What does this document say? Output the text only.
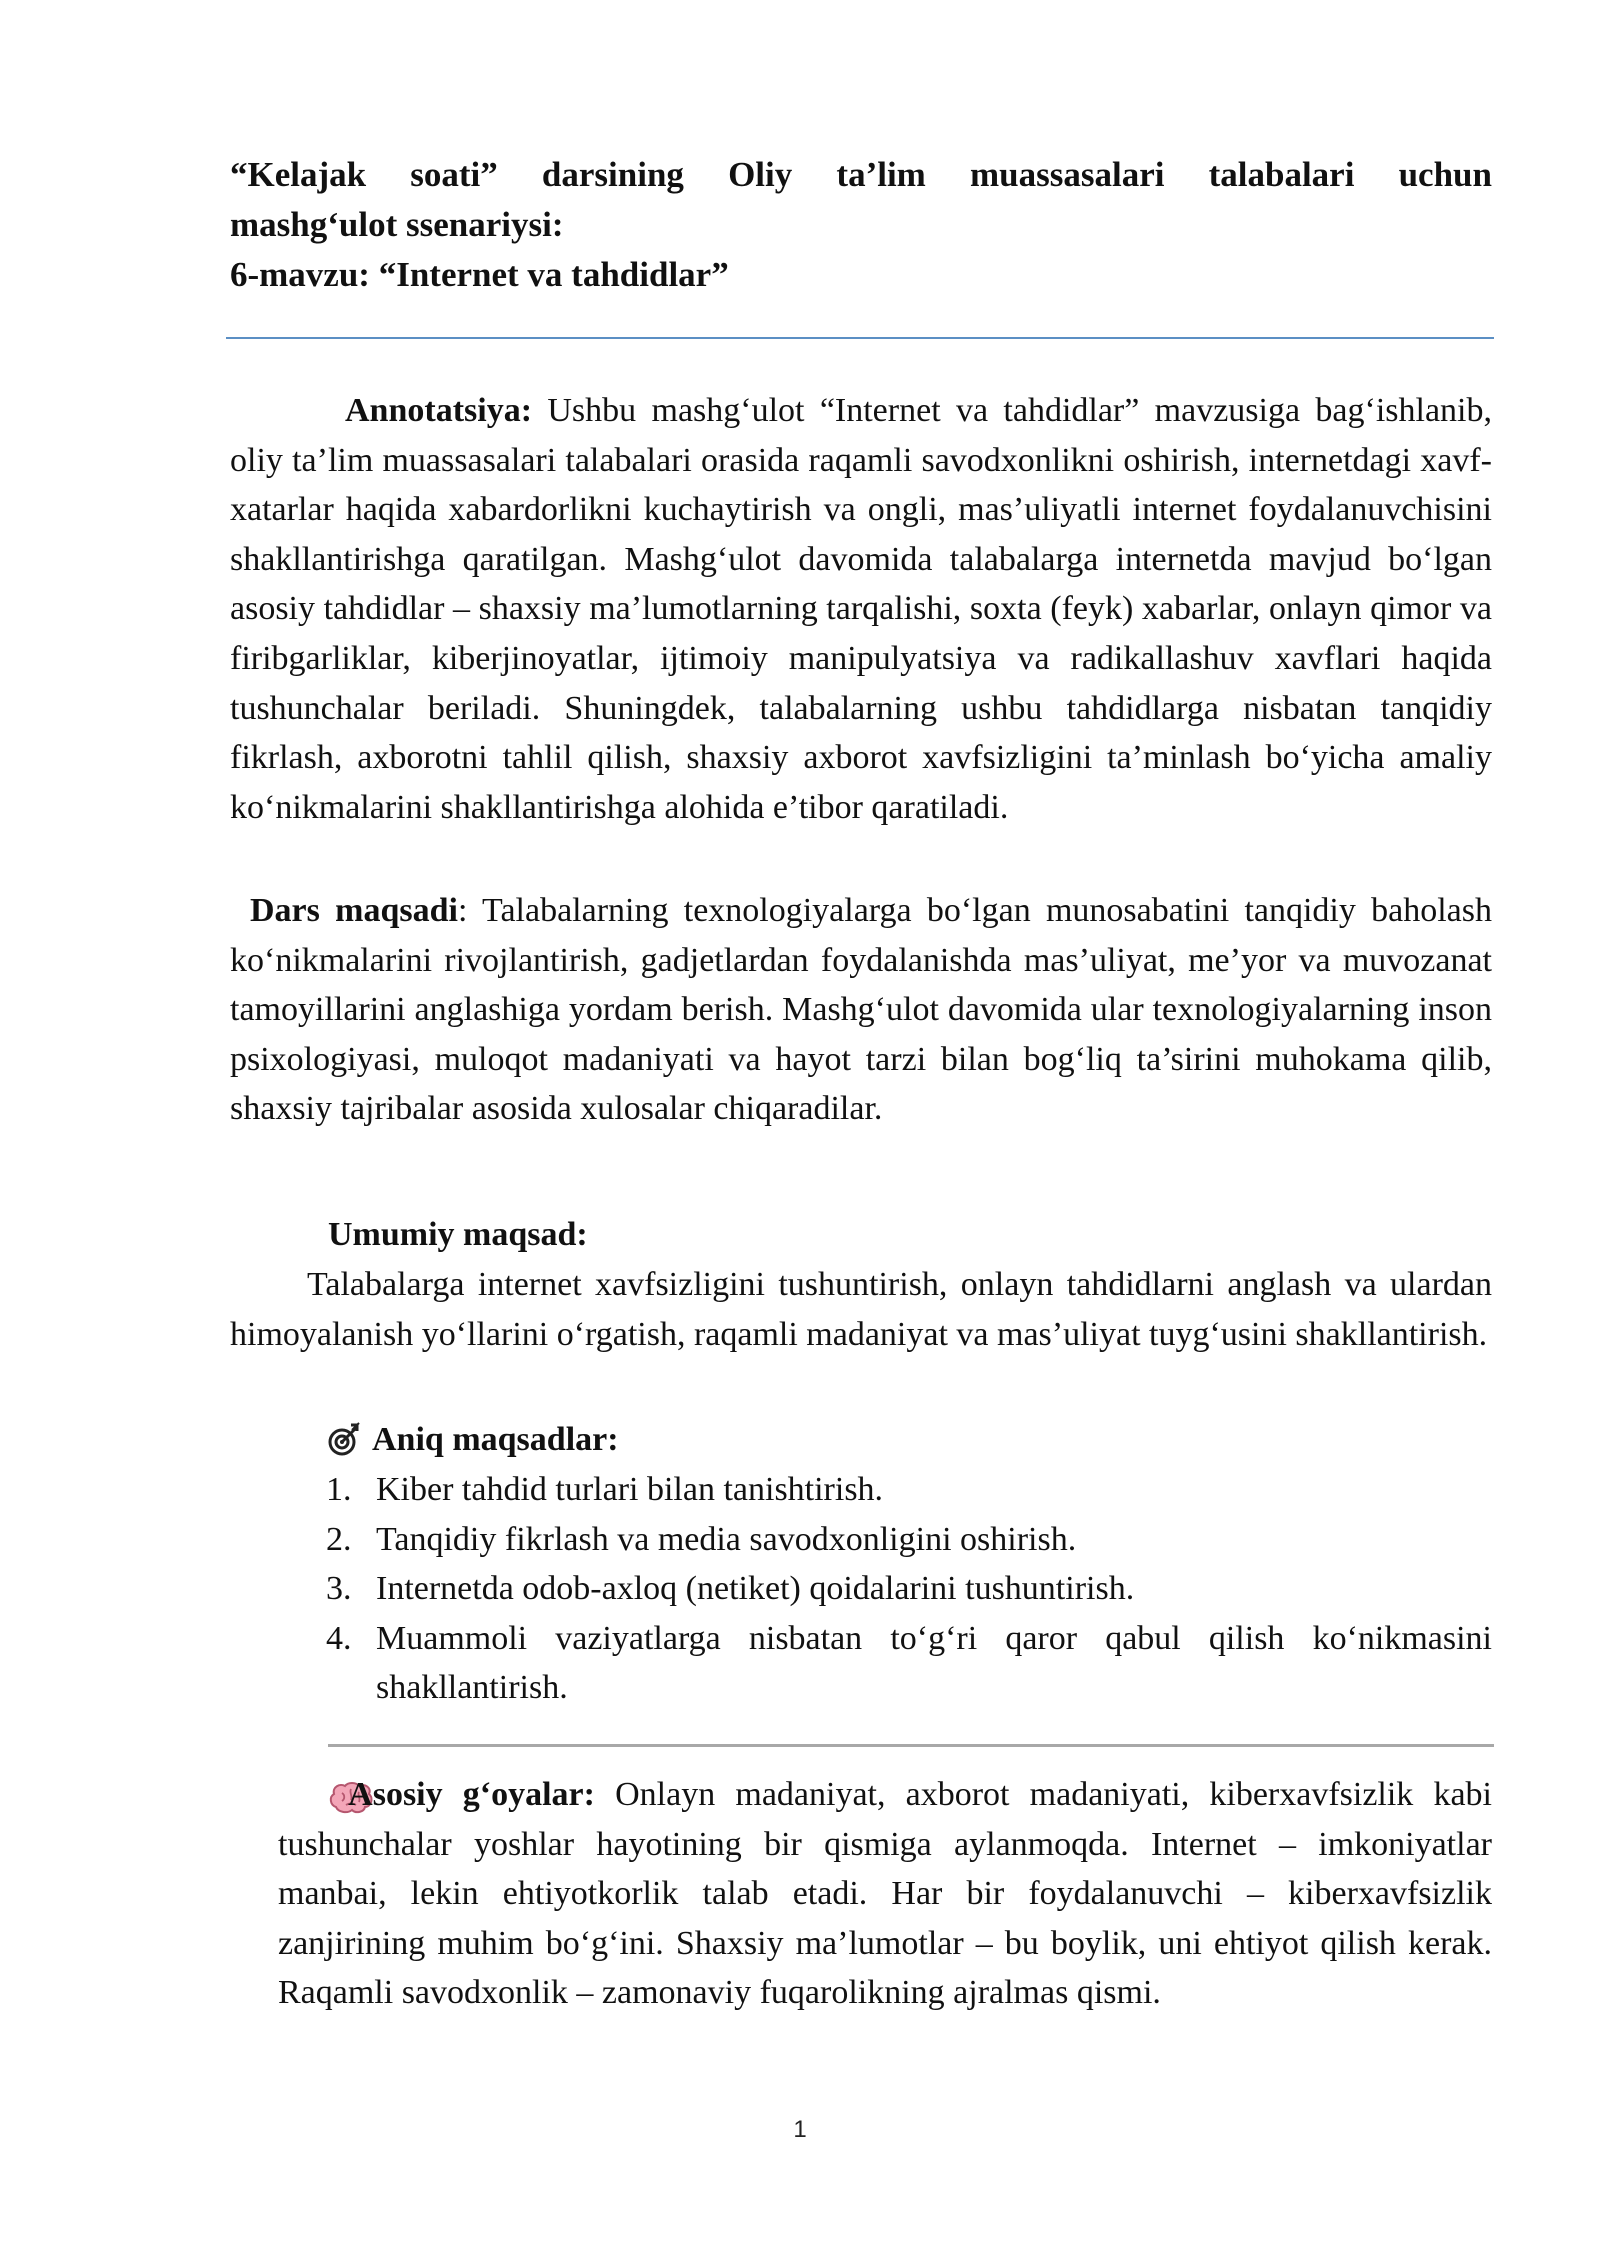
“Kelajak soati” darsining Oliy ta’lim muassasalari talabalari uchun
mashg‘ulot ssenariysi:
6-mavzu: “Internet va tahdidlar”

Annotatsiya: Ushbu mashg‘ulot “Internet va tahdidlar” mavzusiga bag‘ishlanib, oliy ta’lim muassasalari talabalari orasida raqamli savodxonlikni oshirish, internetdagi xavf-xatarlar haqida xabardorlikni kuchaytirish va ongli, mas’uliyatli internet foydalanuvchisini shakllantirishga qaratilgan. Mashg‘ulot davomida talabalarga internetda mavjud bo‘lgan asosiy tahdidlar – shaxsiy ma’lumotlarning tarqalishi, soxta (feyk) xabarlar, onlayn qimor va firibgarliklar, kiberjinoyatlar, ijtimoiy manipulyatsiya va radikallashuv xavflari haqida tushunchalar beriladi. Shuningdek, talabalarning ushbu tahdidlarga nisbatan tanqidiy fikrlash, axborotni tahlil qilish, shaxsiy axborot xavfsizligini ta’minlash bo‘yicha amaliy ko‘nikmalarini shakllantirishga alohida e’tibor qaratiladi.

Dars maqsadi: Talabalarning texnologiyalarga bo‘lgan munosabatini tanqidiy baholash ko‘nikmalarini rivojlantirish, gadjetlardan foydalanishda mas’uliyat, me’yor va muvozanat tamoyillarini anglashiga yordam berish. Mashg‘ulot davomida ular texnologiyalarning inson psixologiyasi, muloqot madaniyati va hayot tarzi bilan bog‘liq ta’sirini muhokama qilib, shaxsiy tajribalar asosida xulosalar chiqaradilar.

Umumiy maqsad:

Talabalarga internet xavfsizligini tushuntirish, onlayn tahdidlarni anglash va ulardan himoyalanish yo‘llarini o‘rgatish, raqamli madaniyat va mas’uliyat tuyg‘usini shakllantirish.

Aniq maqsadlar:
1. Kiber tahdid turlari bilan tanishtirish.
2. Tanqidiy fikrlash va media savodxonligini oshirish.
3. Internetda odob-axloq (netiket) qoidalarini tushuntirish.
4. Muammoli vaziyatlarga nisbatan to‘g‘ri qaror qabul qilish ko‘nikmasini shakllantirish.

Asosiy g‘oyalar: Onlayn madaniyat, axborot madaniyati, kiberxavfsizlik kabi tushunchalar yoshlar hayotining bir qismiga aylanmoqda. Internet – imkoniyatlar manbai, lekin ehtiyotkorlik talab etadi. Har bir foydalanuvchi – kiberxavfsizlik zanjirining muhim bo‘g‘ini. Shaxsiy ma’lumotlar – bu boylik, uni ehtiyot qilish kerak. Raqamli savodxonlik – zamonaviy fuqarolikning ajralmas qismi.

1
